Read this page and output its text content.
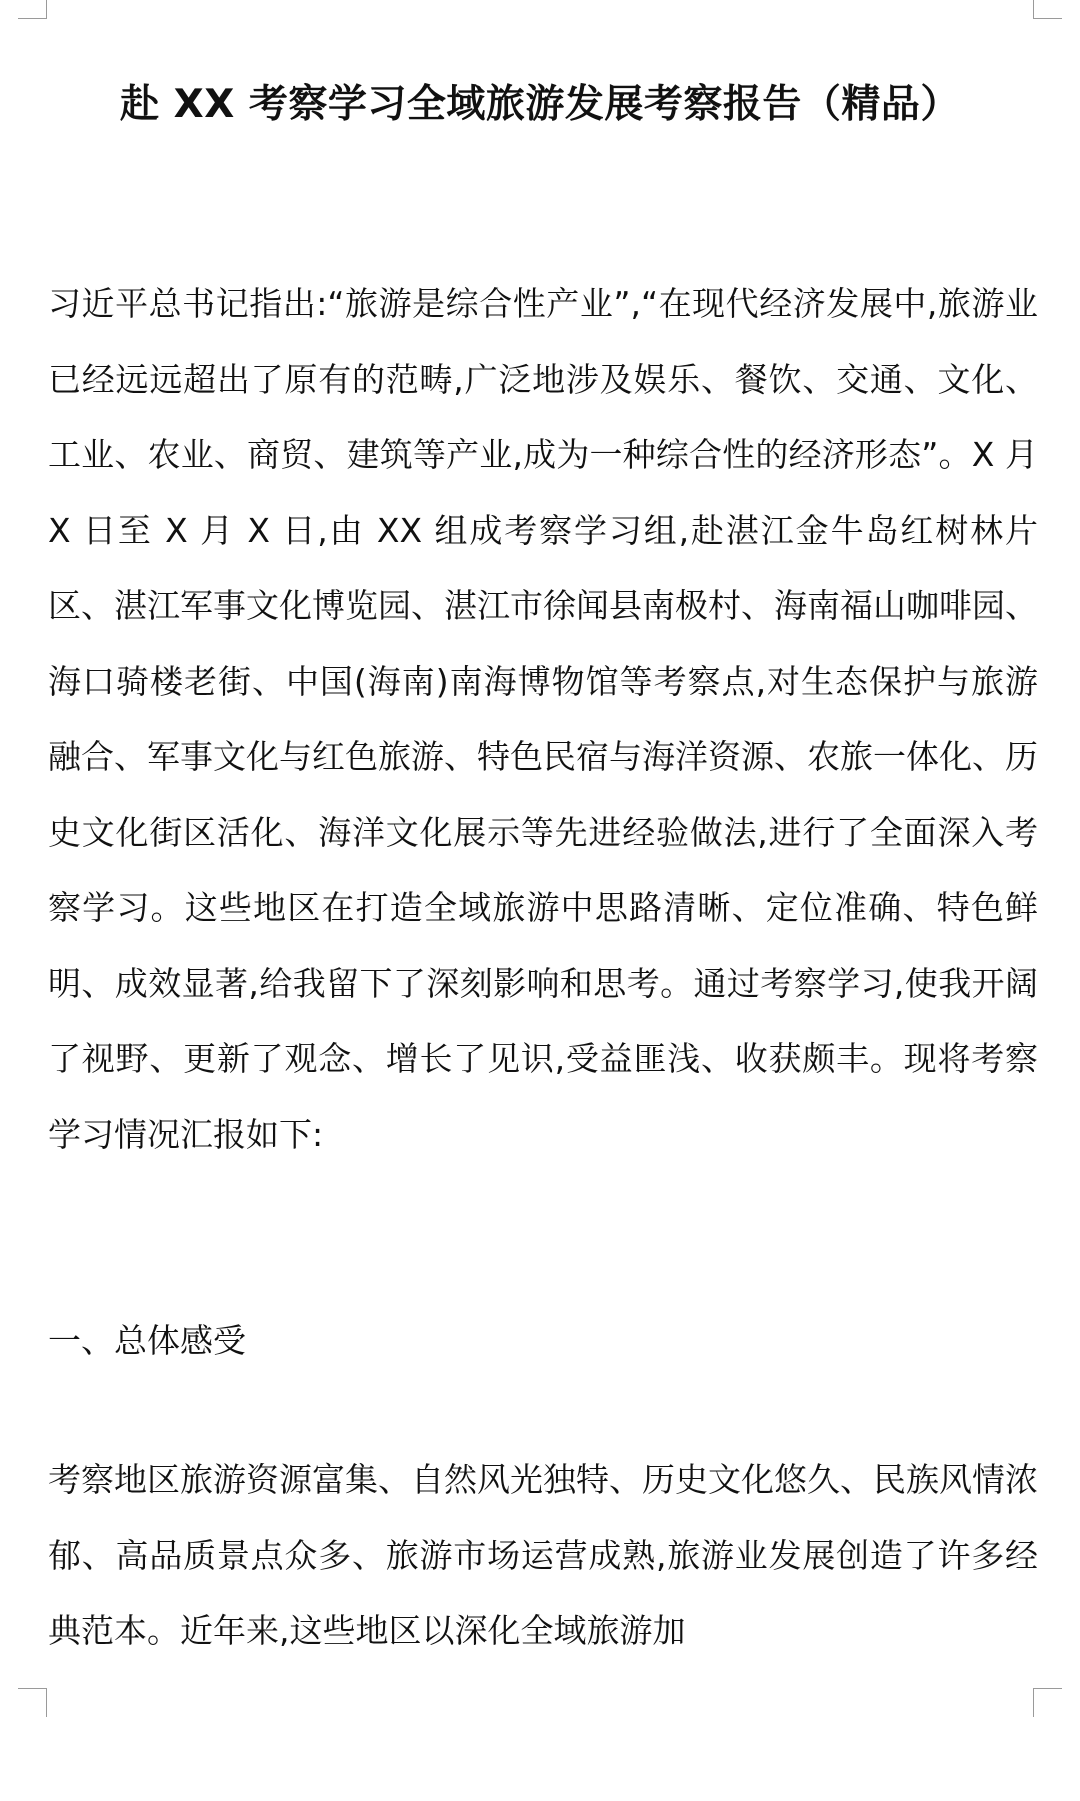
赴 XX 考察学习全域旅游发展考察报告（精品）

习近平总书记指出:“旅游是综合性产业”,“在现代经济发展中,旅游业已经远远超出了原有的范畴,广泛地涉及娱乐、餐饮、交通、文化、工业、农业、商贸、建筑等产业,成为一种综合性的经济形态”。X 月 X 日至 X 月 X 日,由 XX 组成考察学习组,赴湛江金牛岛红树林片区、湛江军事文化博览园、湛江市徐闻县南极村、海南福山咖啡园、海口骑楼老街、中国(海南)南海博物馆等考察点,对生态保护与旅游融合、军事文化与红色旅游、特色民宿与海洋资源、农旅一体化、历史文化街区活化、海洋文化展示等先进经验做法,进行了全面深入考察学习。这些地区在打造全域旅游中思路清晰、定位准确、特色鲜明、成效显著,给我留下了深刻影响和思考。通过考察学习,使我开阔了视野、更新了观念、增长了见识,受益匪浅、收获颇丰。现将考察学习情况汇报如下:

一、总体感受

考察地区旅游资源富集、自然风光独特、历史文化悠久、民族风情浓郁、高品质景点众多、旅游市场运营成熟,旅游业发展创造了许多经典范本。近年来,这些地区以深化全域旅游加
